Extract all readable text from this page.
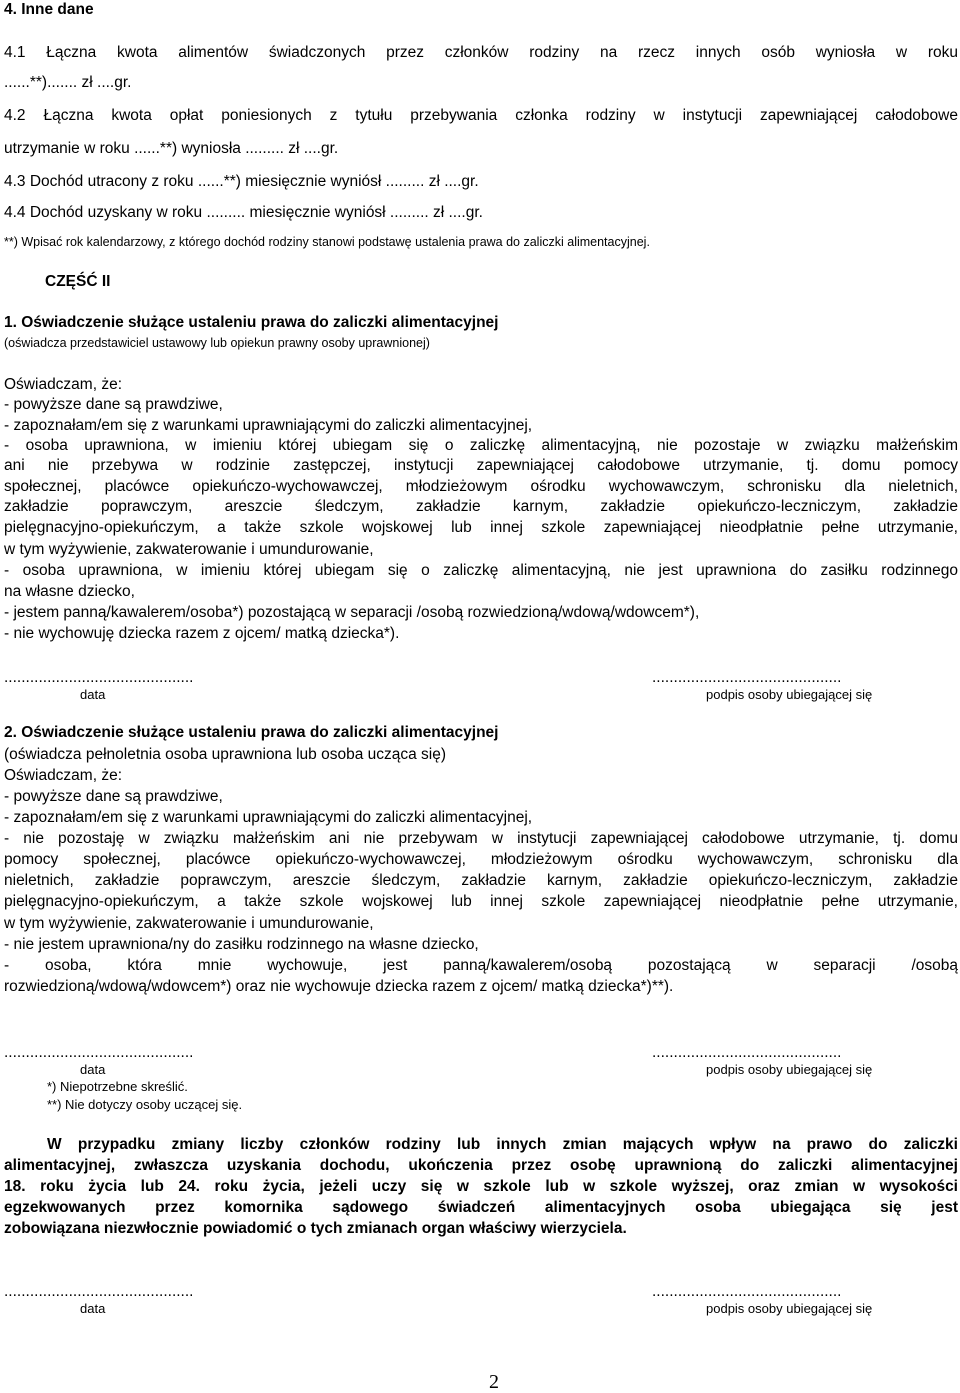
4. Inne dane
4.1 Łączna kwota alimentów świadczonych przez członków rodziny na rzecz innych osób wyniosła w roku
......**)....... zł ....gr.
4.2 Łączna kwota opłat poniesionych z tytułu przebywania członka rodziny w instytucji zapewniającej całodobowe
utrzymanie w roku ......**) wyniosła ......... zł ....gr.
4.3 Dochód utracony z roku ......**) miesięcznie wyniósł ......... zł ....gr.
4.4 Dochód uzyskany w roku ......... miesięcznie wyniósł ......... zł ....gr.
**) Wpisać rok kalendarzowy, z którego dochód rodziny stanowi podstawę ustalenia prawa do zaliczki alimentacyjnej.
CZĘŚĆ II
1. Oświadczenie służące ustaleniu prawa do zaliczki alimentacyjnej
(oświadcza przedstawiciel ustawowy lub opiekun prawny osoby uprawnionej)
Oświadczam, że:
- powyższe dane są prawdziwe,
- zapoznałam/em się z warunkami uprawniającymi do zaliczki alimentacyjnej,
- osoba uprawniona, w imieniu której ubiegam się o zaliczkę alimentacyjną, nie pozostaje w związku małżeńskim
ani nie przebywa w rodzinie zastępczej, instytucji zapewniającej całodobowe utrzymanie, tj. domu pomocy
społecznej, placówce opiekuńczo-wychowawczej, młodzieżowym ośrodku wychowawczym, schronisku dla nieletnich,
zakładzie poprawczym, areszcie śledczym, zakładzie karnym, zakładzie opiekuńczo-leczniczym, zakładzie
pielęgnacyjno-opiekuńczym, a także szkole wojskowej lub innej szkole zapewniającej nieodpłatnie pełne utrzymanie,
w tym wyżywienie, zakwaterowanie i umundurowanie,
- osoba uprawniona, w imieniu której ubiegam się o zaliczkę alimentacyjną, nie jest uprawniona do zasiłku rodzinnego
na własne dziecko,
- jestem panną/kawalerem/osoba*) pozostającą w separacji /osobą rozwiedzioną/wdową/wdowcem*),
- nie wychowuję dziecka razem z ojcem/ matką dziecka*).
............................................	............................................
data	podpis osoby ubiegającej się
2. Oświadczenie służące ustaleniu prawa do zaliczki alimentacyjnej
(oświadcza pełnoletnia osoba uprawniona lub osoba ucząca się)
Oświadczam, że:
- powyższe dane są prawdziwe,
- zapoznałam/em się z warunkami uprawniającymi do zaliczki alimentacyjnej,
- nie pozostaję w związku małżeńskim ani nie przebywam w instytucji zapewniającej całodobowe utrzymanie, tj. domu
pomocy społecznej, placówce opiekuńczo-wychowawczej, młodzieżowym ośrodku wychowawczym, schronisku dla
nieletnich, zakładzie poprawczym, areszcie śledczym, zakładzie karnym, zakładzie opiekuńczo-leczniczym, zakładzie
pielęgnacyjno-opiekuńczym, a także szkole wojskowej lub innej szkole zapewniającej nieodpłatnie pełne utrzymanie,
w tym wyżywienie, zakwaterowanie i umundurowanie,
- nie jestem uprawniona/ny do zasiłku rodzinnego na własne dziecko,
- osoba, która mnie wychowuje, jest panną/kawalerem/osobą pozostającą w separacji /osobą
rozwiedzioną/wdową/wdowcem*) oraz nie wychowuje dziecka razem z ojcem/ matką dziecka*)**).
............................................	............................................
data	podpis osoby ubiegającej się
*) Niepotrzebne skreślić.
**) Nie dotyczy osoby uczącej się.
W przypadku zmiany liczby członków rodziny lub innych zmian mających wpływ na prawo do zaliczki
alimentacyjnej, zwłaszcza uzyskania dochodu, ukończenia przez osobę uprawnioną do zaliczki alimentacyjnej
18. roku życia lub 24. roku życia, jeżeli uczy się w szkole lub w szkole wyższej, oraz zmian w wysokości
egzekwowanych przez komornika sądowego świadczeń alimentacyjnych osoba ubiegająca się jest
zobowiązana niezwłocznie powiadomić o tych zmianach organ właściwy wierzyciela.
............................................	............................................
data	podpis osoby ubiegającej się
2
